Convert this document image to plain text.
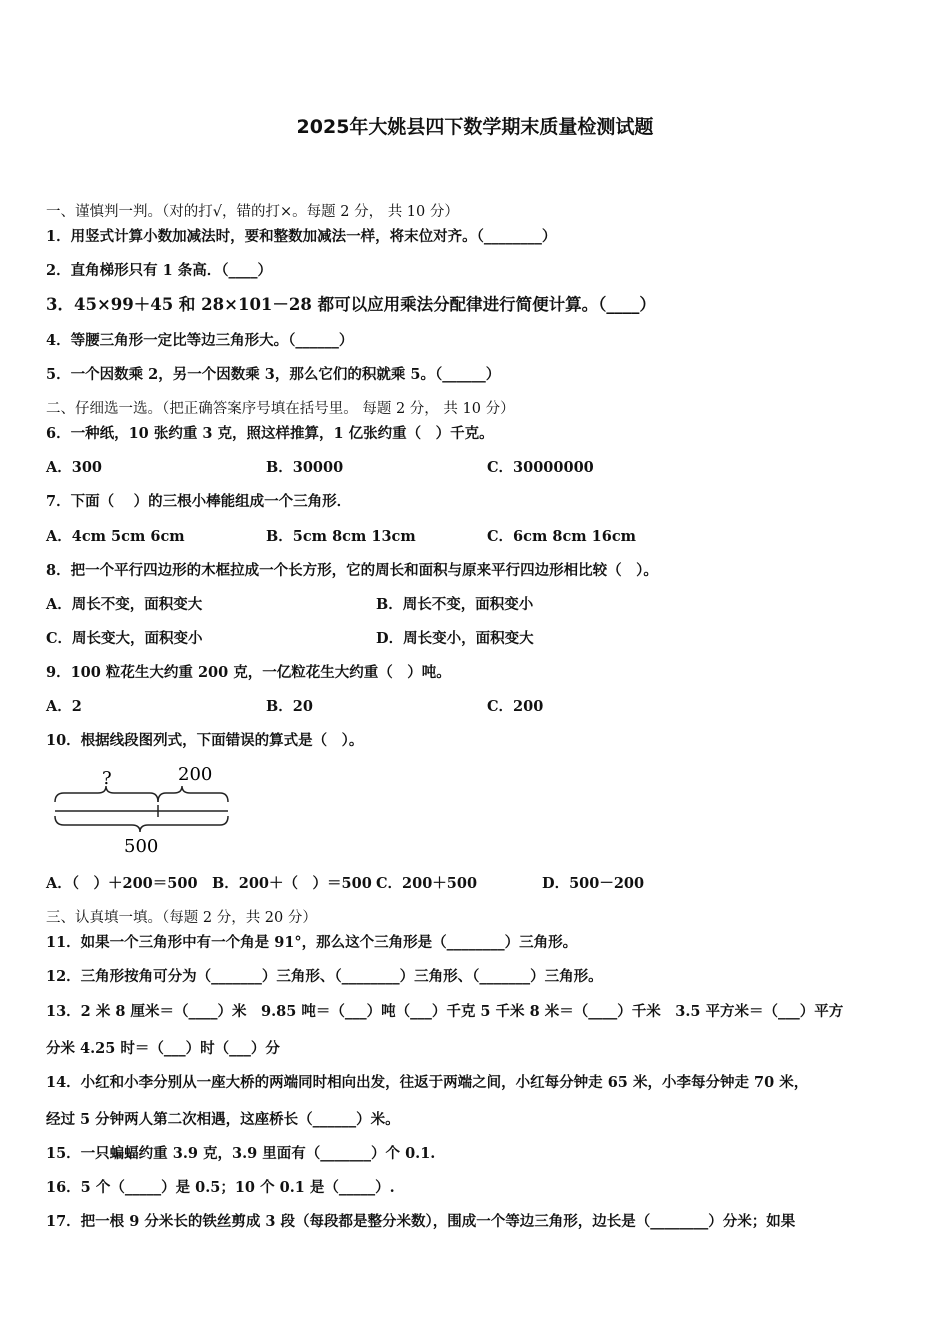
2025年大姚县四下数学期末质量检测试题
一、谨慎判一判。（对的打√，错的打×。每题 2 分， 共 10 分）
1．用竖式计算小数加减法时，要和整数加减法一样，将末位对齐。（________）
2．直角梯形只有 1 条高．（____）
3．45×99＋45 和 28×101－28 都可以应用乘法分配律进行简便计算。（____）
4．等腰三角形一定比等边三角形大。（______）
5．一个因数乘 2，另一个因数乘 3，那么它们的积就乘 5。（______）
二、仔细选一选。（把正确答案序号填在括号里。 每题 2 分， 共 10 分）
6．一种纸，10 张约重 3 克，照这样推算，1 亿张约重（　）千克。
A．300	B．30000	C．30000000
7．下面（　 ）的三根小棒能组成一个三角形．
A．4cm 5cm 6cm	B．5cm 8cm 13cm	C．6cm 8cm 16cm
8．把一个平行四边形的木框拉成一个长方形，它的周长和面积与原来平行四边形相比较（　）。
A．周长不变，面积变大	B．周长不变，面积变小
C．周长变大，面积变小	D．周长变小，面积变大
9．100 粒花生大约重 200 克，一亿粒花生大约重（　）吨。
A．2	B．20	C．200
10．根据线段图列式，下面错误的算式是（　）。
?	200
500
A．（　）＋200＝500 B．200＋（　）＝500 C．200＋500	D．500－200
三、认真填一填。（每题 2 分，共 20 分）
11．如果一个三角形中有一个角是 91°，那么这个三角形是（________）三角形。
12．三角形按角可分为（_______）三角形、（________）三角形、（_______）三角形。
13．2 米 8 厘米＝（____）米　9.85 吨＝（___）吨（___）千克 5 千米 8 米＝（____）千米　3.5 平方米＝（___）平方
分米 4.25 时＝（___）时（___）分
14．小红和小李分别从一座大桥的两端同时相向出发，往返于两端之间，小红每分钟走 65 米，小李每分钟走 70 米，
经过 5 分钟两人第二次相遇，这座桥长（______）米。
15．一只蝙蝠约重 3.9 克，3.9 里面有（_______）个 0.1.
16．5 个（_____）是 0.5；10 个 0.1 是（_____）.
17．把一根 9 分米长的铁丝剪成 3 段（每段都是整分米数），围成一个等边三角形，边长是（________）分米；如果
